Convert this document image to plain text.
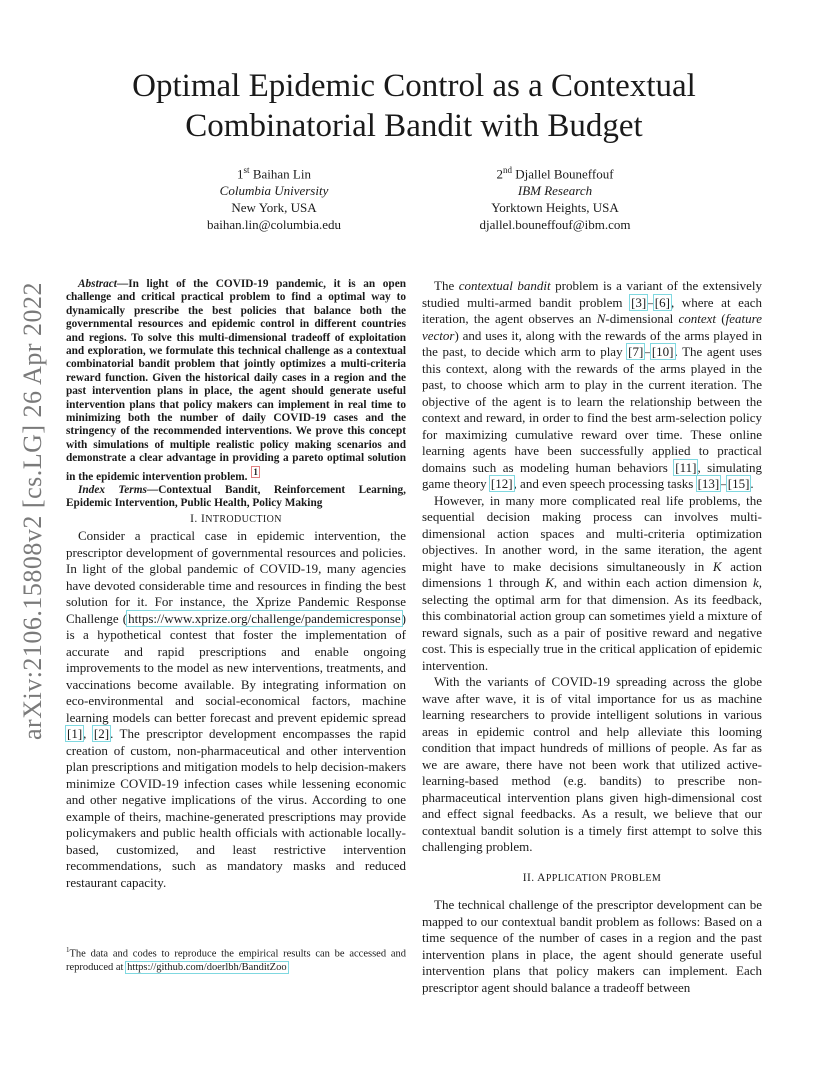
arXiv:2106.15808v2 [cs.LG] 26 Apr 2022
Optimal Epidemic Control as a Contextual
Combinatorial Bandit with Budget
1st Baihan Lin
Columbia University
New York, USA
baihan.lin@columbia.edu
2nd Djallel Bouneffouf
IBM Research
Yorktown Heights, USA
djallel.bouneffouf@ibm.com

Abstract—In light of the COVID-19 pandemic, it is an open challenge and critical practical problem to find a optimal way to dynamically prescribe the best policies that balance both the governmental resources and epidemic control in different countries and regions. To solve this multi-dimensional tradeoff of exploitation and exploration, we formulate this technical challenge as a contextual combinatorial bandit problem that jointly optimizes a multi-criteria reward function. Given the historical daily cases in a region and the past intervention plans in place, the agent should generate useful intervention plans that policy makers can implement in real time to minimizing both the number of daily COVID-19 cases and the stringency of the recommended interventions. We prove this concept with simulations of multiple realistic policy making scenarios and demonstrate a clear advantage in providing a pareto optimal solution in the epidemic intervention problem. $^1$

Index Terms—Contextual Bandit, Reinforcement Learning, Epidemic Intervention, Public Health, Policy Making

I. INTRODUCTION

Consider a practical case in epidemic intervention, the prescriptor development of governmental resources and policies. In light of the global pandemic of COVID-19, many agencies have devoted considerable time and resources in finding the best solution for it. For instance, the Xprize Pandemic Response Challenge (https://www.xprize.org/challenge/pandemicresponse) is a hypothetical contest that foster the implementation of accurate and rapid prescriptions and enable ongoing improvements to the model as new interventions, treatments, and vaccinations become available. By integrating information on eco-environmental and social-economical factors, machine learning models can better forecast and prevent epidemic spread [1], [2]. The prescriptor development encompasses the rapid creation of custom, non-pharmaceutical and other intervention plan prescriptions and mitigation models to help decision-makers minimize COVID-19 infection cases while lessening economic and other negative implications of the virus. According to one example of theirs, machine-generated prescriptions may provide policymakers and public health officials with actionable locally-based, customized, and least restrictive intervention recommendations, such as mandatory masks and reduced restaurant capacity.

The contextual bandit problem is a variant of the extensively studied multi-armed bandit problem [3]–[6], where at each iteration, the agent observes an N-dimensional context (feature vector) and uses it, along with the rewards of the arms played in the past, to decide which arm to play [7]–[10]. The agent uses this context, along with the rewards of the arms played in the past, to choose which arm to play in the current iteration. The objective of the agent is to learn the relationship between the context and reward, in order to find the best arm-selection policy for maximizing cumulative reward over time. These online learning agents have been successfully applied to practical domains such as modeling human behaviors [11], simulating game theory [12], and even speech processing tasks [13]–[15].

However, in many more complicated real life problems, the sequential decision making process can involves multi-dimensional action spaces and multi-criteria optimization objectives. In another word, in the same iteration, the agent might have to make decisions simultaneously in K action dimensions 1 through K, and within each action dimension k, selecting the optimal arm for that dimension. As its feedback, this combinatorial action group can sometimes yield a mixture of reward signals, such as a pair of positive reward and negative cost. This is especially true in the critical application of epidemic intervention.

With the variants of COVID-19 spreading across the globe wave after wave, it is of vital importance for us as machine learning researchers to provide intelligent solutions in various areas in epidemic control and help alleviate this looming condition that impact hundreds of millions of people. As far as we are aware, there have not been work that utilized active-learning-based method (e.g. bandits) to prescribe non-pharmaceutical intervention plans given high-dimensional cost and effect signal feedbacks. As a result, we believe that our contextual bandit solution is a timely first attempt to solve this challenging problem.

II. APPLICATION PROBLEM

The technical challenge of the prescriptor development can be mapped to our contextual bandit problem as follows: Based on a time sequence of the number of cases in a region and the past intervention plans in place, the agent should generate useful intervention plans that policy makers can implement. Each prescriptor agent should balance a tradeoff between

$^1$The data and codes to reproduce the empirical results can be accessed and reproduced at https://github.com/doerlbh/BanditZoo
